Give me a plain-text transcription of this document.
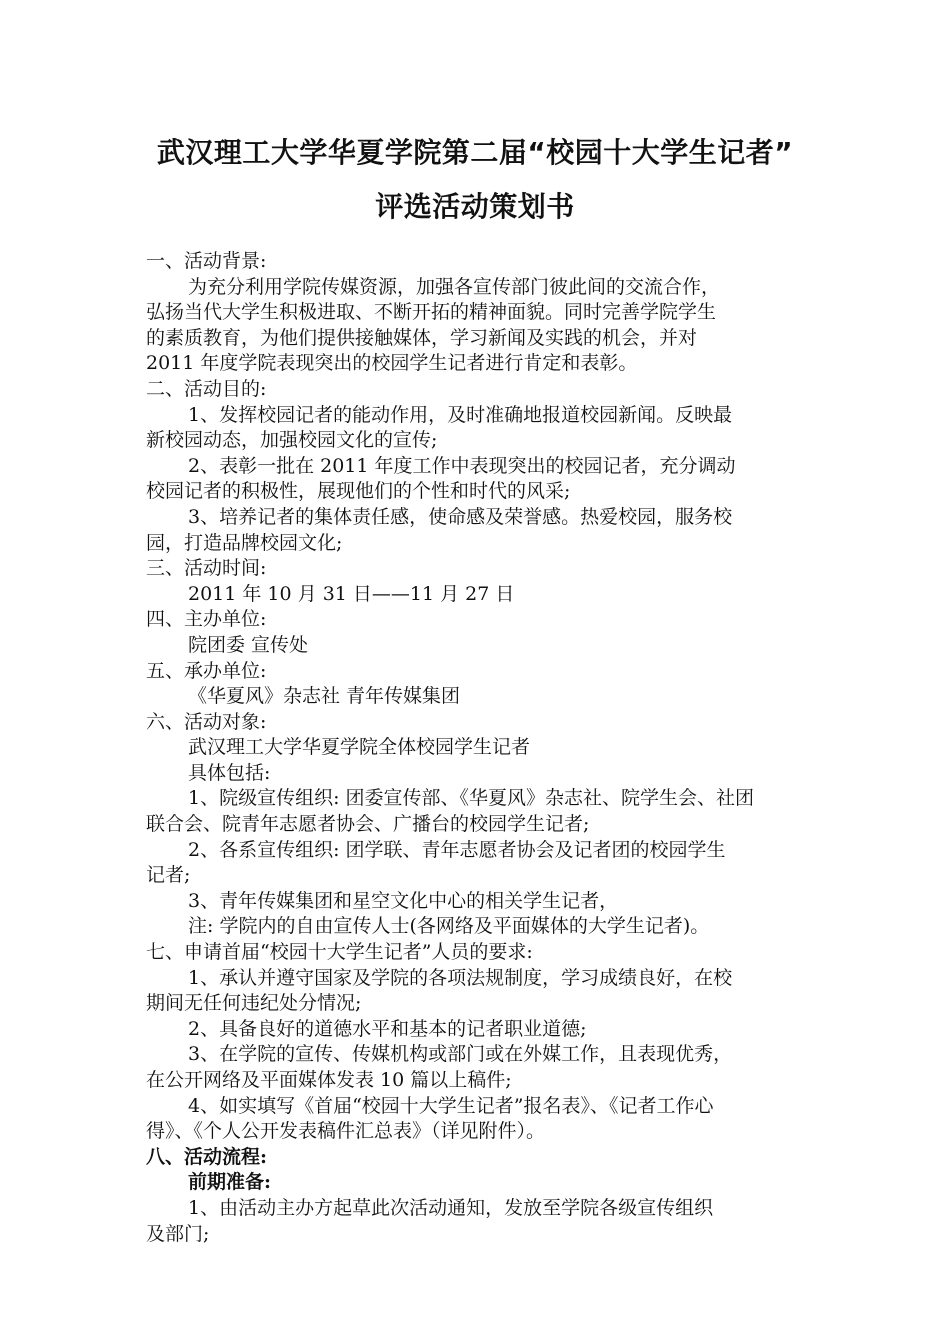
武汉理工大学华夏学院第二届“校园十大学生记者”
评选活动策划书
一、活动背景:
为充分利用学院传媒资源，加强各宣传部门彼此间的交流合作，
弘扬当代大学生积极进取、不断开拓的精神面貌。同时完善学院学生
的素质教育，为他们提供接触媒体，学习新闻及实践的机会，并对
2011 年度学院表现突出的校园学生记者进行肯定和表彰。
二、活动目的:
1、发挥校园记者的能动作用，及时准确地报道校园新闻。反映最
新校园动态，加强校园文化的宣传;
2、表彰一批在 2011 年度工作中表现突出的校园记者，充分调动
校园记者的积极性，展现他们的个性和时代的风采;
3、培养记者的集体责任感，使命感及荣誉感。热爱校园，服务校
园，打造品牌校园文化;
三、活动时间:
2011 年 10 月 31 日——11 月 27 日
四、主办单位:
院团委 宣传处
五、承办单位:
《华夏风》杂志社 青年传媒集团
六、活动对象:
武汉理工大学华夏学院全体校园学生记者
具体包括:
1、院级宣传组织: 团委宣传部、《华夏风》杂志社、院学生会、社团
联合会、院青年志愿者协会、广播台的校园学生记者;
2、各系宣传组织: 团学联、青年志愿者协会及记者团的校园学生
记者;
3、青年传媒集团和星空文化中心的相关学生记者，
注: 学院内的自由宣传人士(各网络及平面媒体的大学生记者)。
七、申请首届“校园十大学生记者”人员的要求:
1、承认并遵守国家及学院的各项法规制度，学习成绩良好，在校
期间无任何违纪处分情况;
2、具备良好的道德水平和基本的记者职业道德;
3、在学院的宣传、传媒机构或部门或在外媒工作，且表现优秀，
在公开网络及平面媒体发表 10 篇以上稿件;
4、如实填写《首届“校园十大学生记者”报名表》、《记者工作心
得》、《个人公开发表稿件汇总表》（详见附件）。
八、活动流程:
前期准备:
1、由活动主办方起草此次活动通知，发放至学院各级宣传组织
及部门;
